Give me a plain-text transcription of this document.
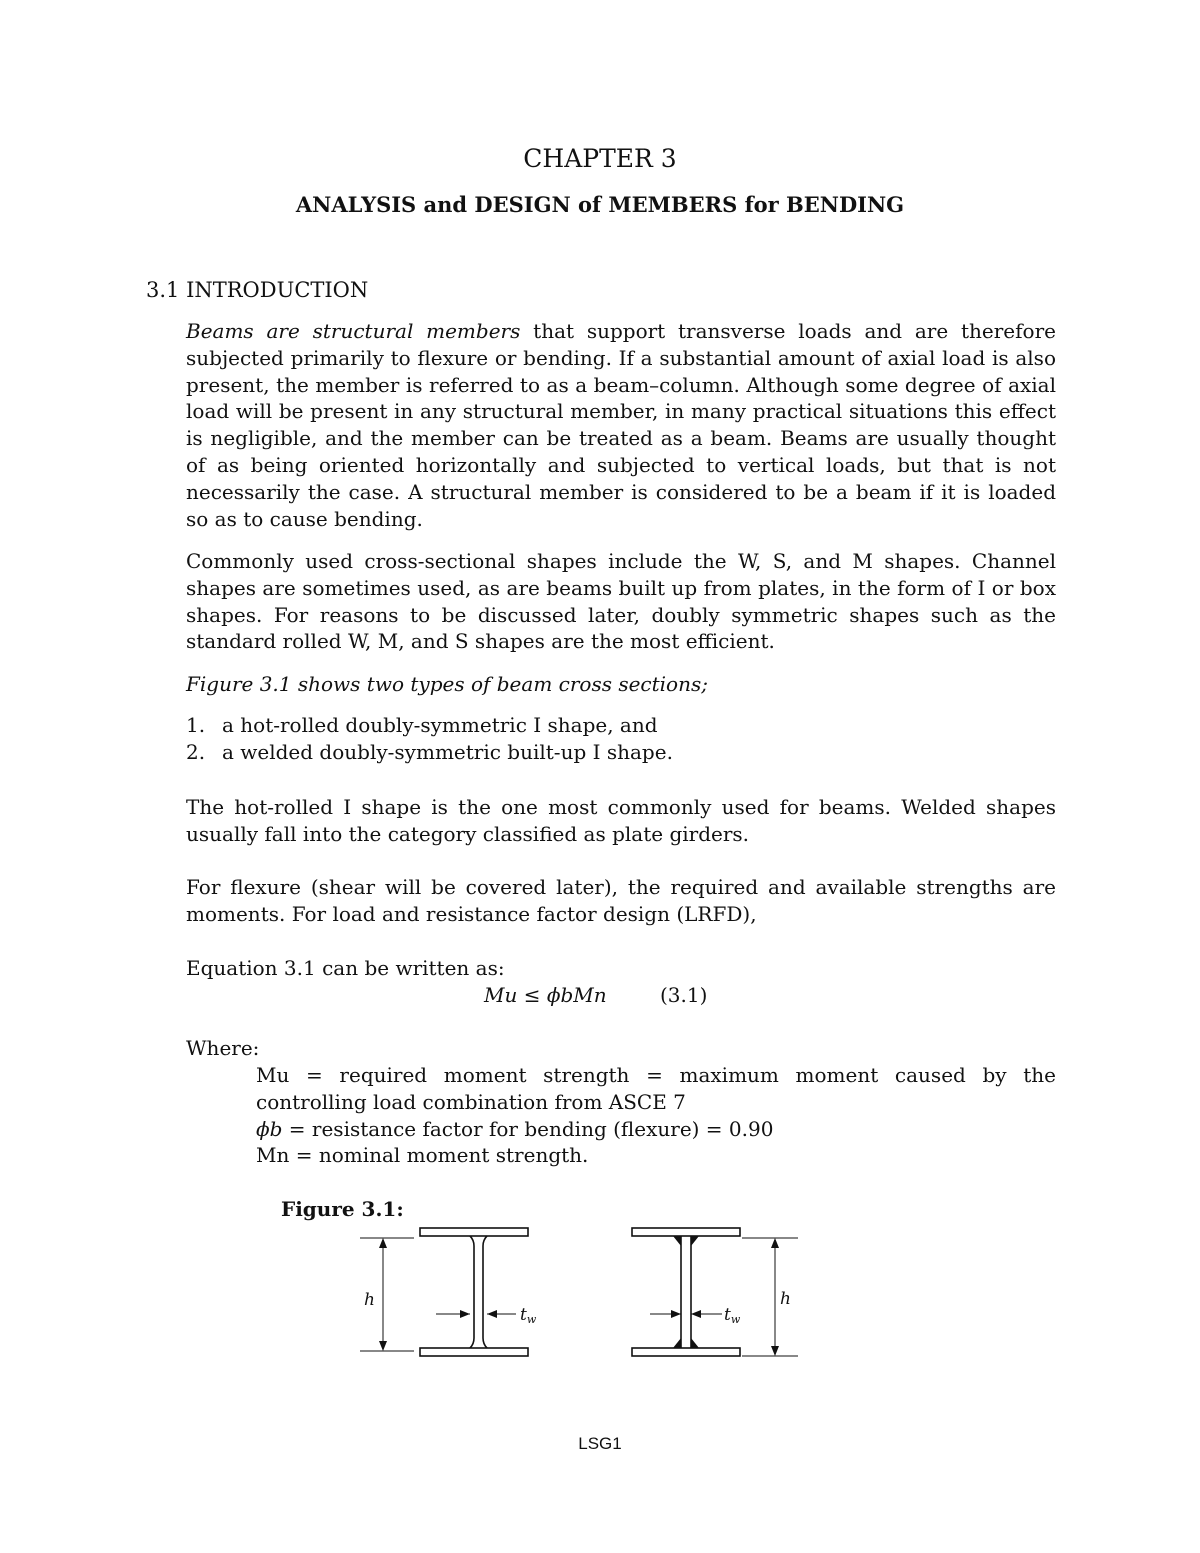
CHAPTER 3
ANALYSIS and DESIGN of MEMBERS for BENDING
3.1 INTRODUCTION
Beams are structural members that support transverse loads and are therefore subjected primarily to flexure or bending. If a substantial amount of axial load is also present, the member is referred to as a beam–column. Although some degree of axial load will be present in any structural member, in many practical situations this effect is negligible, and the member can be treated as a beam. Beams are usually thought of as being oriented horizontally and subjected to vertical loads, but that is not necessarily the case. A structural member is considered to be a beam if it is loaded so as to cause bending.
Commonly used cross-sectional shapes include the W, S, and M shapes. Channel shapes are sometimes used, as are beams built up from plates, in the form of I or box shapes. For reasons to be discussed later, doubly symmetric shapes such as the standard rolled W, M, and S shapes are the most efficient.
Figure 3.1 shows two types of beam cross sections;
1. a hot-rolled doubly-symmetric I shape, and
2. a welded doubly-symmetric built-up I shape.
The hot-rolled I shape is the one most commonly used for beams. Welded shapes usually fall into the category classified as plate girders.
For flexure (shear will be covered later), the required and available strengths are moments. For load and resistance factor design (LRFD),
Equation 3.1 can be written as:
Mu ≤ ϕbMn	(3.1)
Where:
Mu = required moment strength = maximum moment caused by the controlling load combination from ASCE 7
ϕb = resistance factor for bending (flexure) = 0.90
Mn = nominal moment strength.
Figure 3.1:
h
tw	tw
h
LSG1
